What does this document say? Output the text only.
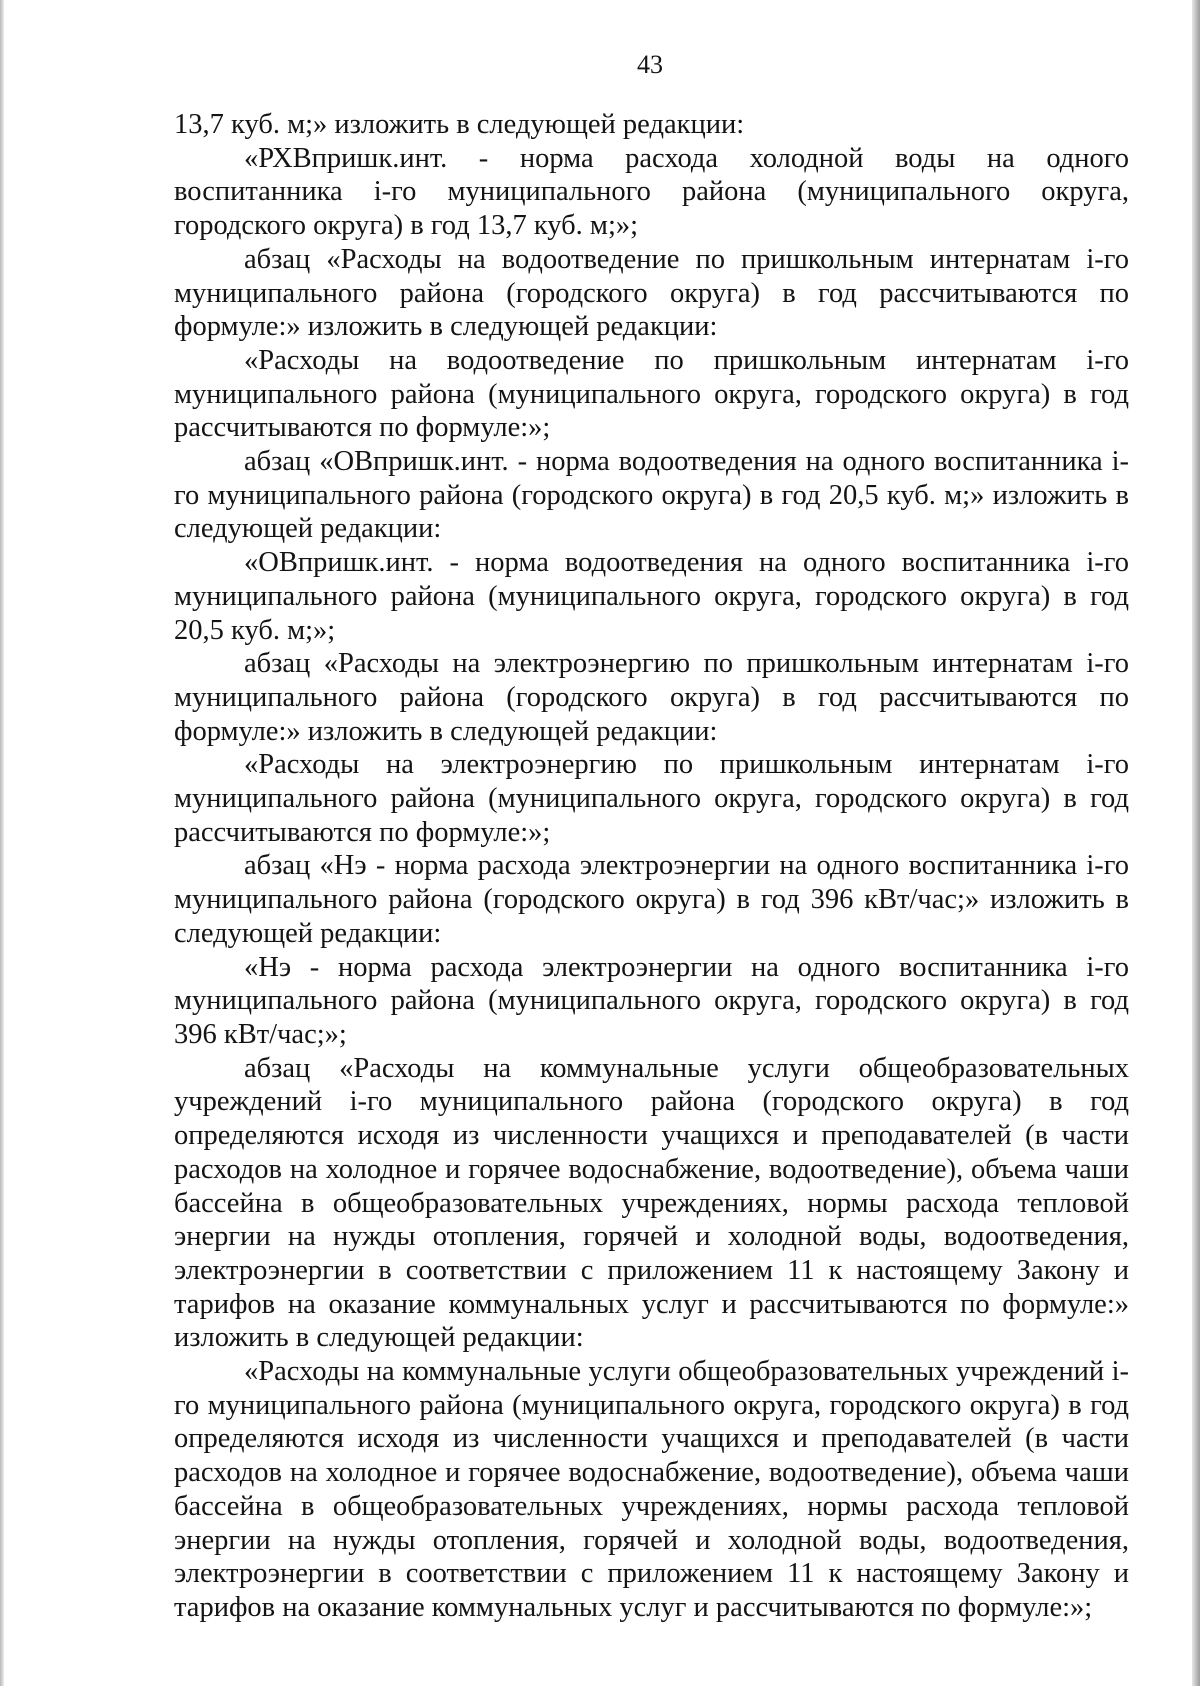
43

13,7 куб. м;» изложить в следующей редакции:

«РХВпришк.инт. - норма расхода холодной воды на одного воспитанника i-го муниципального района (муниципального округа, городского округа) в год 13,7 куб. м;»;

абзац «Расходы на водоотведение по пришкольным интернатам i-го муниципального района (городского округа) в год рассчитываются по формуле:» изложить в следующей редакции:

«Расходы на водоотведение по пришкольным интернатам i-го муниципального района (муниципального округа, городского округа) в год рассчитываются по формуле:»;

абзац «ОВпришк.инт. - норма водоотведения на одного воспитанника i-го муниципального района (городского округа) в год 20,5 куб. м;» изложить в следующей редакции:

«ОВпришк.инт. - норма водоотведения на одного воспитанника i-го муниципального района (муниципального округа, городского округа) в год 20,5 куб. м;»;

абзац «Расходы на электроэнергию по пришкольным интернатам i-го муниципального района (городского округа) в год рассчитываются по формуле:» изложить в следующей редакции:

«Расходы на электроэнергию по пришкольным интернатам i-го муниципального района (муниципального округа, городского округа) в год рассчитываются по формуле:»;

абзац «Нэ - норма расхода электроэнергии на одного воспитанника i-го муниципального района (городского округа) в год 396 кВт/час;» изложить в следующей редакции:

«Нэ - норма расхода электроэнергии на одного воспитанника i-го муниципального района (муниципального округа, городского округа) в год 396 кВт/час;»;

абзац «Расходы на коммунальные услуги общеобразовательных учреждений i-го муниципального района (городского округа) в год определяются исходя из численности учащихся и преподавателей (в части расходов на холодное и горячее водоснабжение, водоотведение), объема чаши бассейна в общеобразовательных учреждениях, нормы расхода тепловой энергии на нужды отопления, горячей и холодной воды, водоотведения, электроэнергии в соответствии с приложением 11 к настоящему Закону и тарифов на оказание коммунальных услуг и рассчитываются по формуле:» изложить в следующей редакции:

«Расходы на коммунальные услуги общеобразовательных учреждений i-го муниципального района (муниципального округа, городского округа) в год определяются исходя из численности учащихся и преподавателей (в части расходов на холодное и горячее водоснабжение, водоотведение), объема чаши бассейна в общеобразовательных учреждениях, нормы расхода тепловой энергии на нужды отопления, горячей и холодной воды, водоотведения, электроэнергии в соответствии с приложением 11 к настоящему Закону и тарифов на оказание коммунальных услуг и рассчитываются по формуле:»;
